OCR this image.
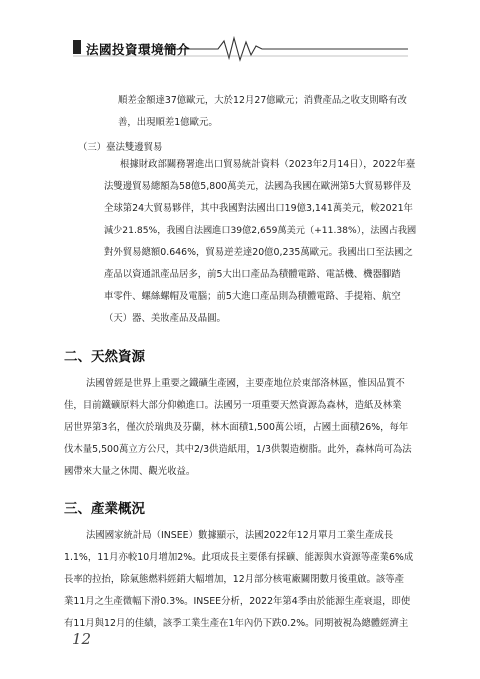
法國投資環境簡介
順差金額達37億歐元，大於12月27億歐元；消費產品之收支則略有改
善，出現順差1億歐元。
（三）臺法雙邊貿易
根據財政部關務署進出口貿易統計資料（2023年2月14日），2022年臺
法雙邊貿易總額為58億5,800萬美元，法國為我國在歐洲第5大貿易夥伴及
全球第24大貿易夥伴，其中我國對法國出口19億3,141萬美元，較2021年
減少21.85%，我國自法國進口39億2,659萬美元（+11.38%），法國占我國
對外貿易總額0.646%，貿易逆差達20億0,235萬歐元。我國出口至法國之
產品以資通訊產品居多，前5大出口產品為積體電路、電話機、機器腳踏
車零件、螺絲螺帽及電腦；前5大進口產品則為積體電路、手提箱、航空
（天）器、美妝產品及晶圓。
二、天然資源
法國曾經是世界上重要之鐵礦生產國，主要產地位於東部洛林區，惟因品質不
佳，目前鐵礦原料大部分仰賴進口。法國另一項重要天然資源為森林，造紙及林業
居世界第3名，僅次於瑞典及芬蘭，林木面積1,500萬公頃，占國土面積26%，每年
伐木量5,500萬立方公尺，其中2/3供造紙用，1/3供製造樹脂。此外，森林尚可為法
國帶來大量之休閒、觀光收益。
三、產業概況
法國國家統計局（INSEE）數據顯示，法國2022年12月單月工業生產成長
1.1%，11月亦較10月增加2%。此項成長主要係有採礦、能源與水資源等產業6%成
長率的拉抬，除氣態燃料經銷大幅增加，12月部分核電廠關閉數月後重啟。該等產
業11月之生產微幅下滑0.3%。INSEE分析，2022年第4季由於能源生產衰退，即使
有11月與12月的佳績，該季工業生產在1年內仍下跌0.2%。同期被視為總體經濟主
12
